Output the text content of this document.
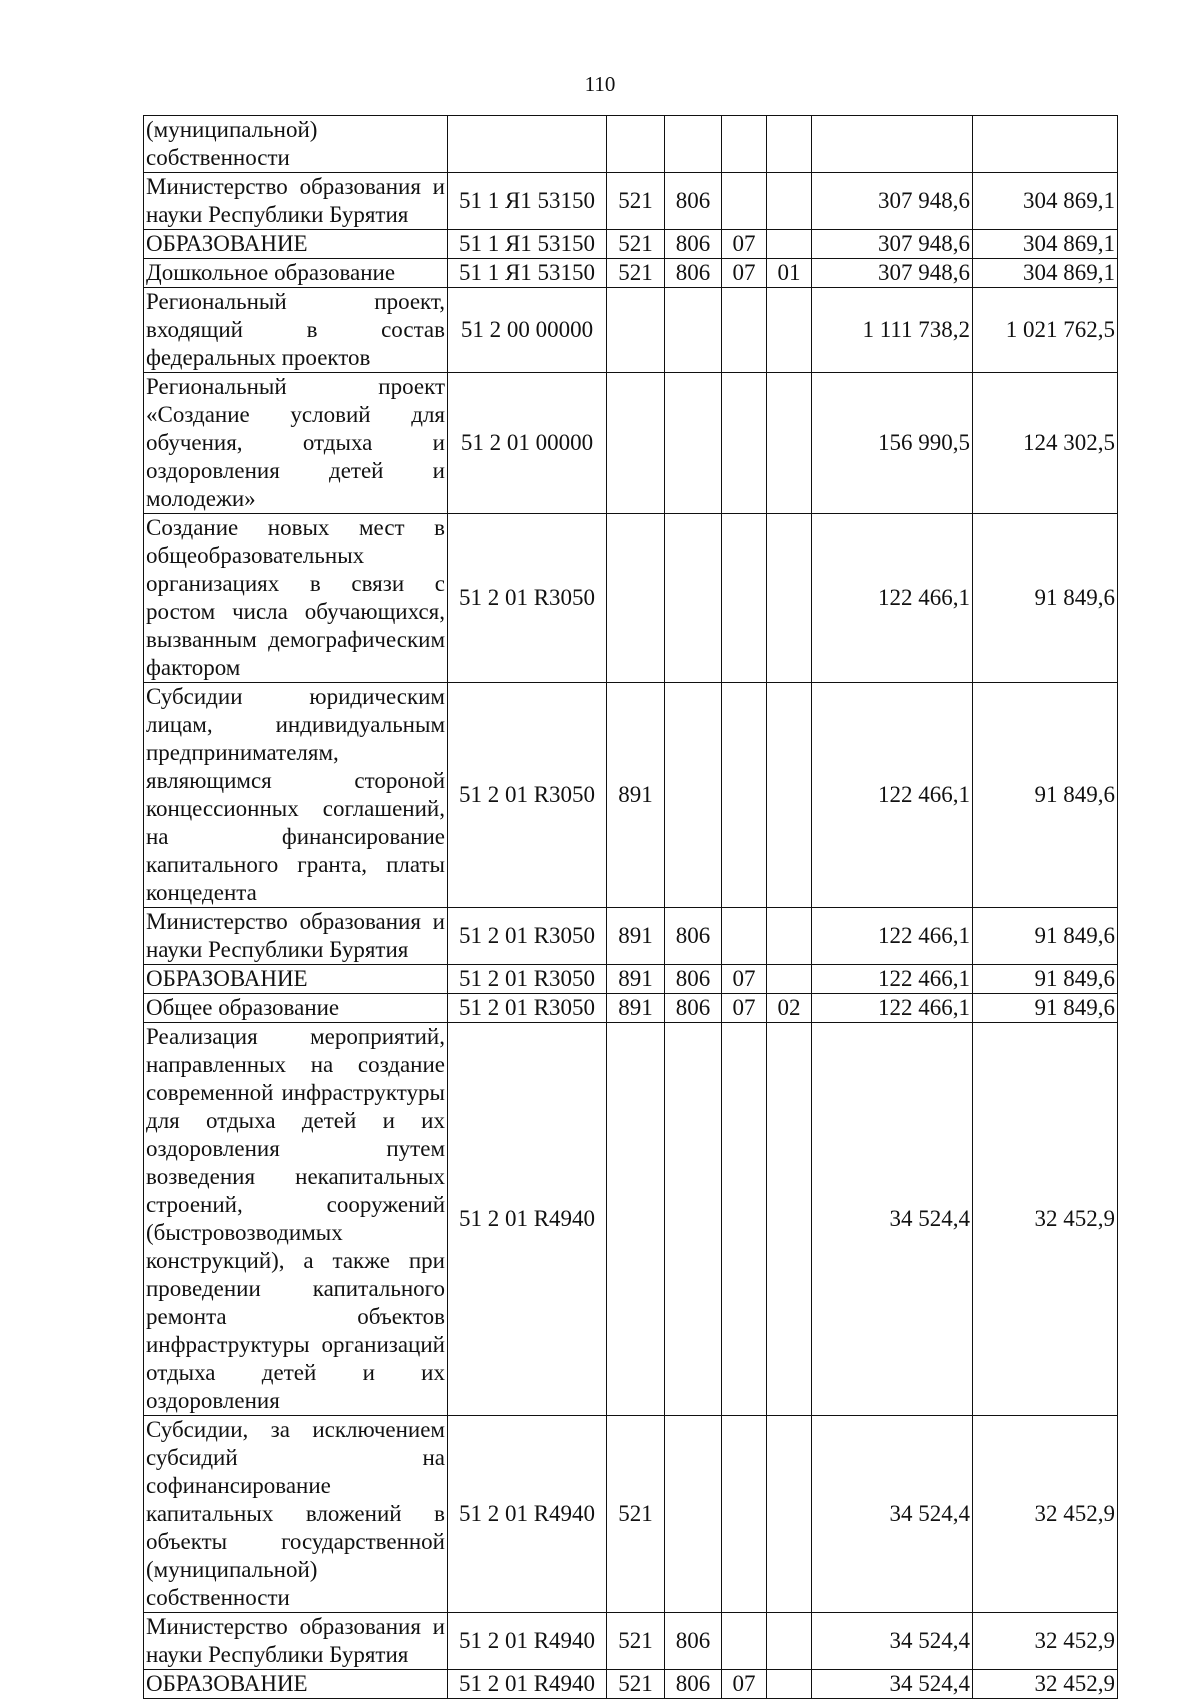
110
(муниципальной) собственности							
Министерство образования и науки Республики Бурятия	51 1 Я1 53150	521	806			307 948,6	304 869,1
ОБРАЗОВАНИЕ	51 1 Я1 53150	521	806	07		307 948,6	304 869,1
Дошкольное образование	51 1 Я1 53150	521	806	07	01	307 948,6	304 869,1
Региональный проект, входящий в состав федеральных проектов	51 2 00 00000					1 111 738,2	1 021 762,5
Региональный проект «Создание условий для обучения, отдыха и оздоровления детей и молодежи»	51 2 01 00000					156 990,5	124 302,5
Создание новых мест в общеобразовательных организациях в связи с ростом числа обучающихся, вызванным демографическим фактором	51 2 01 R3050					122 466,1	91 849,6
Субсидии юридическим лицам, индивидуальным предпринимателям, являющимся стороной концессионных соглашений, на финансирование капитального гранта, платы концедента	51 2 01 R3050	891				122 466,1	91 849,6
Министерство образования и науки Республики Бурятия	51 2 01 R3050	891	806			122 466,1	91 849,6
ОБРАЗОВАНИЕ	51 2 01 R3050	891	806	07		122 466,1	91 849,6
Общее образование	51 2 01 R3050	891	806	07	02	122 466,1	91 849,6
Реализация мероприятий, направленных на создание современной инфраструктуры для отдыха детей и их оздоровления путем возведения некапитальных строений, сооружений (быстровозводимых конструкций), а также при проведении капитального ремонта объектов инфраструктуры организаций отдыха детей и их оздоровления	51 2 01 R4940					34 524,4	32 452,9
Субсидии, за исключением субсидий на софинансирование капитальных вложений в объекты государственной (муниципальной) собственности	51 2 01 R4940	521				34 524,4	32 452,9
Министерство образования и науки Республики Бурятия	51 2 01 R4940	521	806			34 524,4	32 452,9
ОБРАЗОВАНИЕ	51 2 01 R4940	521	806	07		34 524,4	32 452,9
